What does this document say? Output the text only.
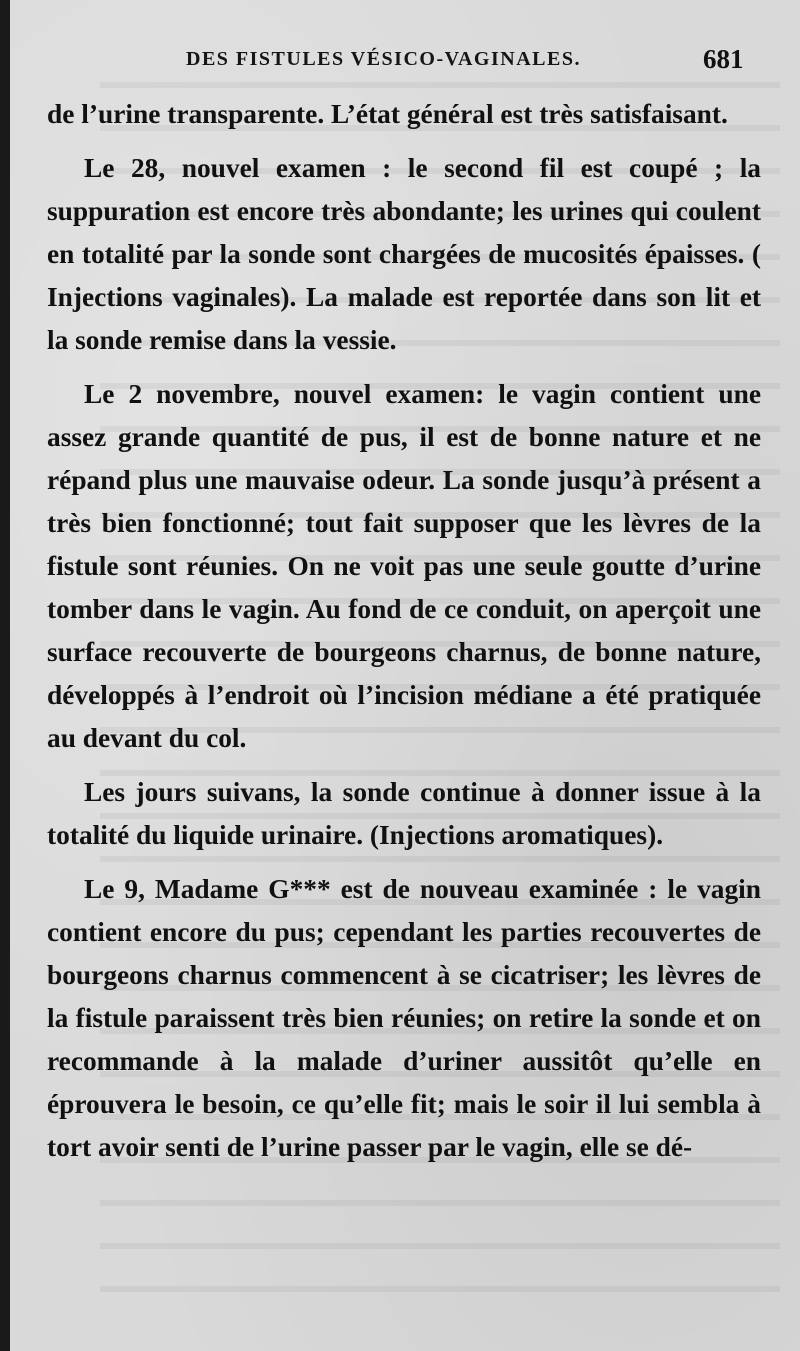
DES FISTULES VÉSICO-VAGINALES.	681

de l’urine transparente. L’état général est très satisfaisant.

Le 28, nouvel examen : le second fil est coupé ; la suppuration est encore très abondante; les urines qui coulent en totalité par la sonde sont chargées de mucosités épaisses. ( Injections vaginales). La malade est reportée dans son lit et la sonde remise dans la vessie.

Le 2 novembre, nouvel examen: le vagin contient une assez grande quantité de pus, il est de bonne nature et ne répand plus une mauvaise odeur. La sonde jusqu’à présent a très bien fonctionné; tout fait supposer que les lèvres de la fistule sont réunies. On ne voit pas une seule goutte d’urine tomber dans le vagin. Au fond de ce conduit, on aperçoit une surface recouverte de bourgeons charnus, de bonne nature, développés à l’endroit où l’incision médiane a été pratiquée au devant du col.

Les jours suivans, la sonde continue à donner issue à la totalité du liquide urinaire. (Injections aromatiques).

Le 9, Madame G*** est de nouveau examinée : le vagin contient encore du pus; cependant les parties recouvertes de bourgeons charnus commencent à se cicatriser; les lèvres de la fistule paraissent très bien réunies; on retire la sonde et on recommande à la malade d’uriner aussitôt qu’elle en éprouvera le besoin, ce qu’elle fit; mais le soir il lui sembla à tort avoir senti de l’urine passer par le vagin, elle se dé-
